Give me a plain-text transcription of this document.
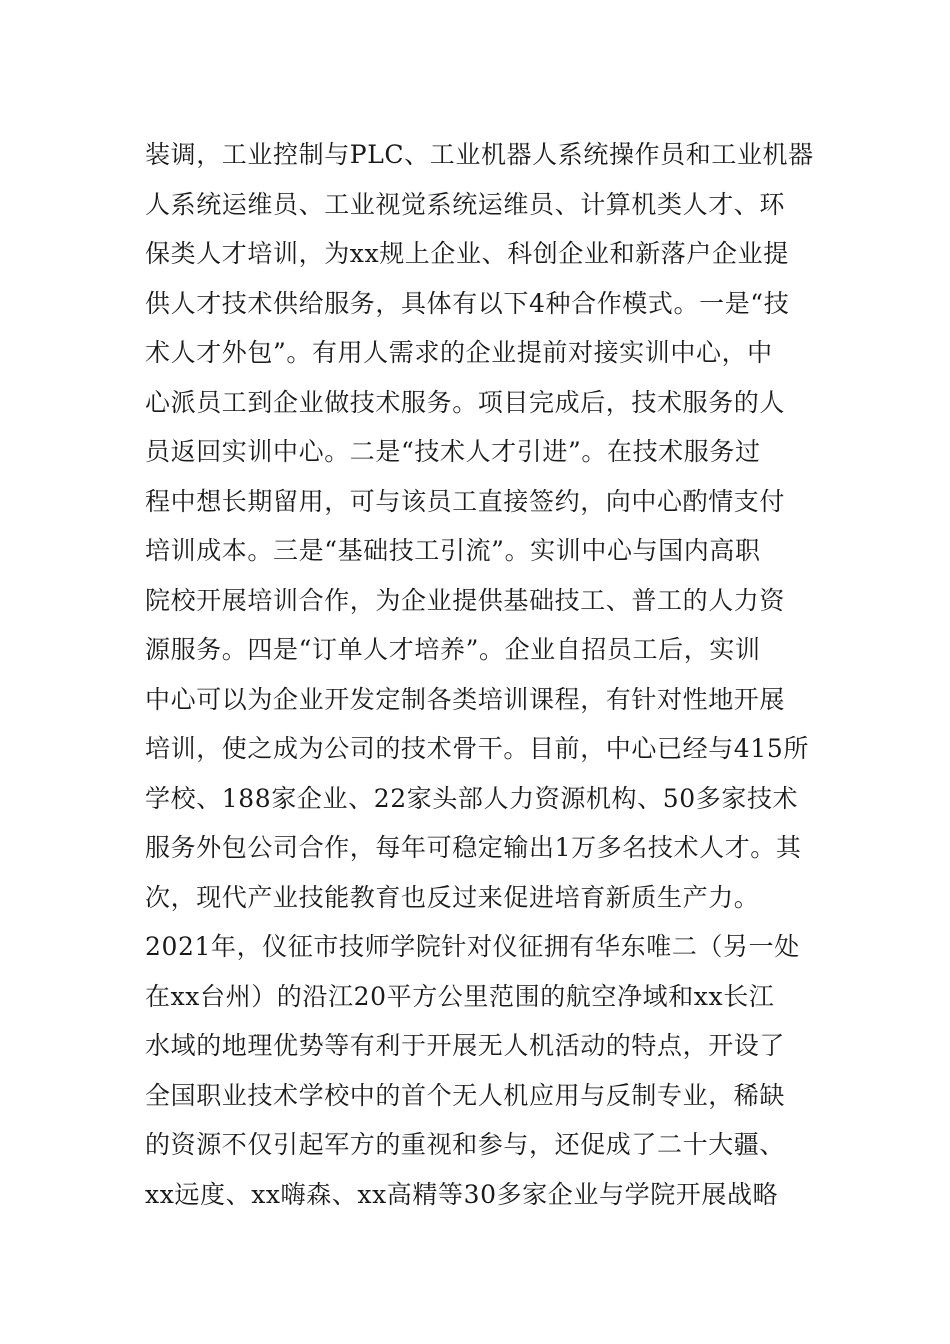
装调，工业控制与PLC、工业机器人系统操作员和工业机器
人系统运维员、工业视觉系统运维员、计算机类人才、环
保类人才培训，为xx规上企业、科创企业和新落户企业提
供人才技术供给服务，具体有以下4种合作模式。一是“技
术人才外包”。有用人需求的企业提前对接实训中心，中
心派员工到企业做技术服务。项目完成后，技术服务的人
员返回实训中心。二是“技术人才引进”。在技术服务过
程中想长期留用，可与该员工直接签约，向中心酌情支付
培训成本。三是“基础技工引流”。实训中心与国内高职
院校开展培训合作，为企业提供基础技工、普工的人力资
源服务。四是“订单人才培养”。企业自招员工后，实训
中心可以为企业开发定制各类培训课程，有针对性地开展
培训，使之成为公司的技术骨干。目前，中心已经与415所
学校、188家企业、22家头部人力资源机构、50多家技术
服务外包公司合作，每年可稳定输出1万多名技术人才。其
次，现代产业技能教育也反过来促进培育新质生产力。
2021年，仪征市技师学院针对仪征拥有华东唯二（另一处
在xx台州）的沿江20平方公里范围的航空净域和xx长江
水域的地理优势等有利于开展无人机活动的特点，开设了
全国职业技术学校中的首个无人机应用与反制专业，稀缺
的资源不仅引起军方的重视和参与，还促成了二十大疆、
xx远度、xx嗨森、xx高精等30多家企业与学院开展战略
